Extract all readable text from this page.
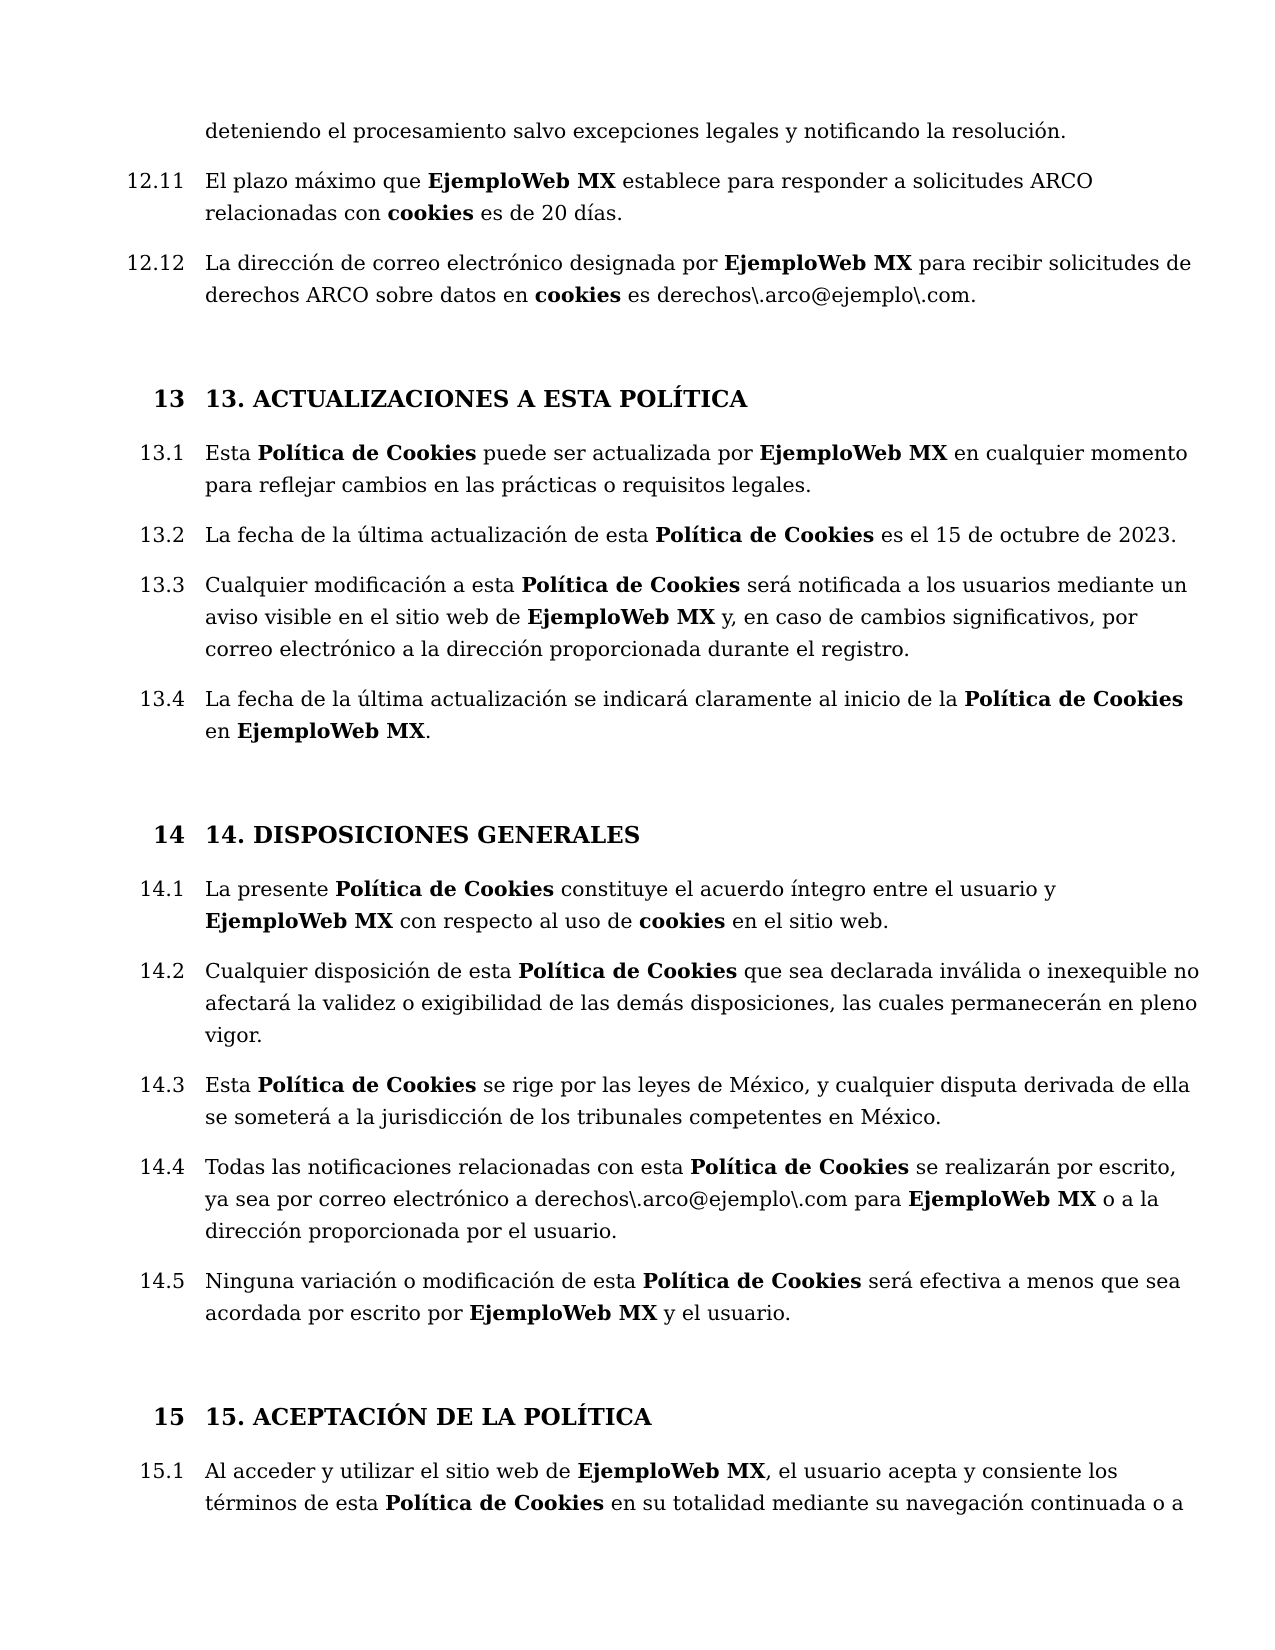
deteniendo el procesamiento salvo excepciones legales y notificando la resolución.
12.11 El plazo máximo que EjemploWeb MX establece para responder a solicitudes ARCO
relacionadas con cookies es de 20 días.
12.12 La dirección de correo electrónico designada por EjemploWeb MX para recibir solicitudes de
derechos ARCO sobre datos en cookies es derechos\.arco@ejemplo\.com.
13 13. ACTUALIZACIONES A ESTA POLÍTICA
13.1 Esta Política de Cookies puede ser actualizada por EjemploWeb MX en cualquier momento
para reflejar cambios en las prácticas o requisitos legales.
13.2 La fecha de la última actualización de esta Política de Cookies es el 15 de octubre de 2023.
13.3 Cualquier modificación a esta Política de Cookies será notificada a los usuarios mediante un
aviso visible en el sitio web de EjemploWeb MX y, en caso de cambios significativos, por
correo electrónico a la dirección proporcionada durante el registro.
13.4 La fecha de la última actualización se indicará claramente al inicio de la Política de Cookies
en EjemploWeb MX.
14 14. DISPOSICIONES GENERALES
14.1 La presente Política de Cookies constituye el acuerdo íntegro entre el usuario y
EjemploWeb MX con respecto al uso de cookies en el sitio web.
14.2 Cualquier disposición de esta Política de Cookies que sea declarada inválida o inexequible no
afectará la validez o exigibilidad de las demás disposiciones, las cuales permanecerán en pleno
vigor.
14.3 Esta Política de Cookies se rige por las leyes de México, y cualquier disputa derivada de ella
se someterá a la jurisdicción de los tribunales competentes en México.
14.4 Todas las notificaciones relacionadas con esta Política de Cookies se realizarán por escrito,
ya sea por correo electrónico a derechos\.arco@ejemplo\.com para EjemploWeb MX o a la
dirección proporcionada por el usuario.
14.5 Ninguna variación o modificación de esta Política de Cookies será efectiva a menos que sea
acordada por escrito por EjemploWeb MX y el usuario.
15 15. ACEPTACIÓN DE LA POLÍTICA
15.1 Al acceder y utilizar el sitio web de EjemploWeb MX, el usuario acepta y consiente los
términos de esta Política de Cookies en su totalidad mediante su navegación continuada o a
